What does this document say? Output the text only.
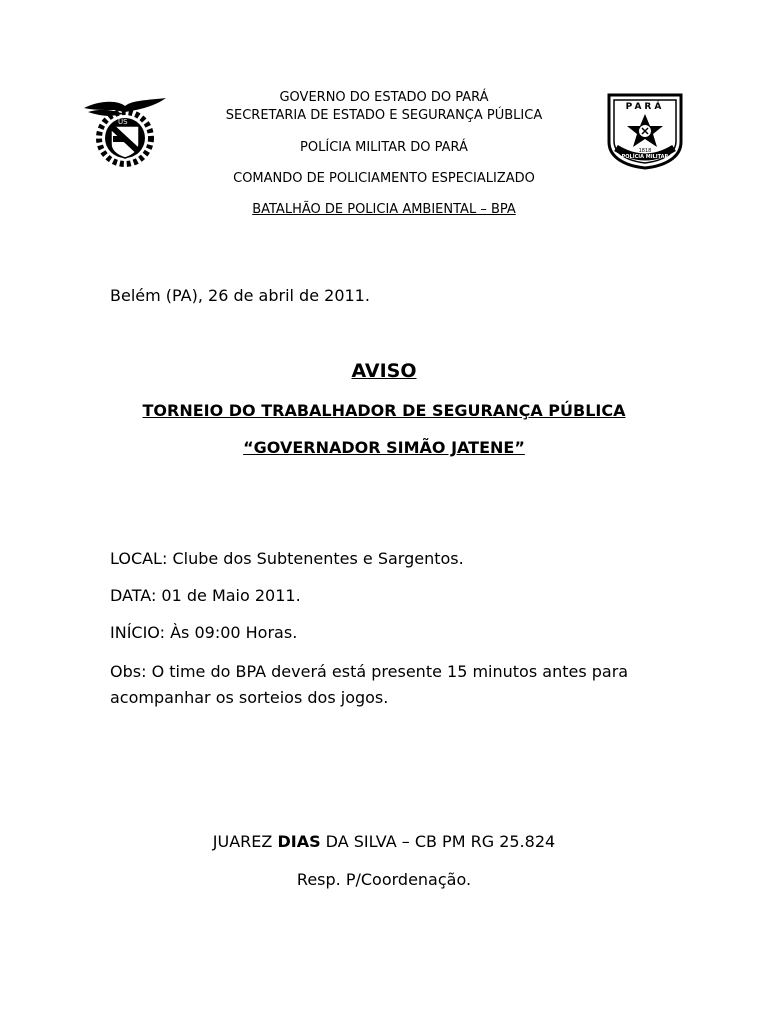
US
GOVERNO DO ESTADO DO PARÁ
SECRETARIA DE ESTADO E SEGURANÇA PÚBLICA
POLÍCIA MILITAR DO PARÁ
COMANDO DE POLICIAMENTO ESPECIALIZADO
BATALHÃO DE POLICIA AMBIENTAL – BPA
PARÁ
1818
POLÍCIA MILITAR
Belém (PA), 26 de abril de 2011.
AVISO
TORNEIO DO TRABALHADOR DE SEGURANÇA PÚBLICA
“GOVERNADOR SIMÃO JATENE”
LOCAL: Clube dos Subtenentes e Sargentos.
DATA: 01 de Maio 2011.
INÍCIO: Às 09:00 Horas.
Obs: O time do BPA deverá está presente 15 minutos antes para acompanhar os sorteios dos jogos.
JUAREZ DIAS DA SILVA – CB PM RG 25.824
Resp. P/Coordenação.
